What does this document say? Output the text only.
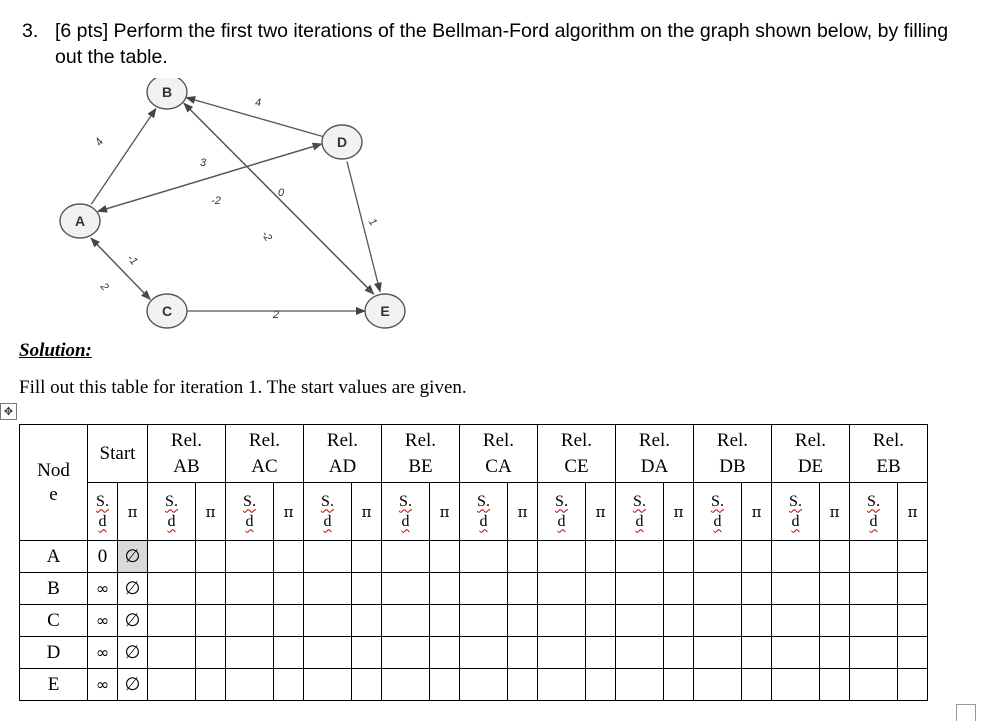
3. [6 pts] Perform the first two iterations of the Bellman-Ford algorithm on the graph shown below, by filling out the table.
4
-1
2
4
3
-2
0
-2
1
2
A
B
C
D
E
Solution:
Fill out this table for iteration 1. The start values are given.
✥
Nod
e	Start		Rel.
AB		Rel.
AC		Rel.
AD		Rel.
BE		Rel.
CA		Rel.
CE		Rel.
DA		Rel.
DB		Rel.
DE		Rel.
EB	

	$\frac{S.}{d}$	π	$\frac{S.}{d}$	π	$\frac{S.}{d}$	π	$\frac{S.}{d}$	π	$\frac{S.}{d}$	π	$\frac{S.}{d}$	π	$\frac{S.}{d}$	π	$\frac{S.}{d}$	π	$\frac{S.}{d}$	π	$\frac{S.}{d}$	π	$\frac{S.}{d}$	π
A	0	∅																				
B	∞	∅																				
C	∞	∅																				
D	∞	∅																				
E	∞	∅																				
